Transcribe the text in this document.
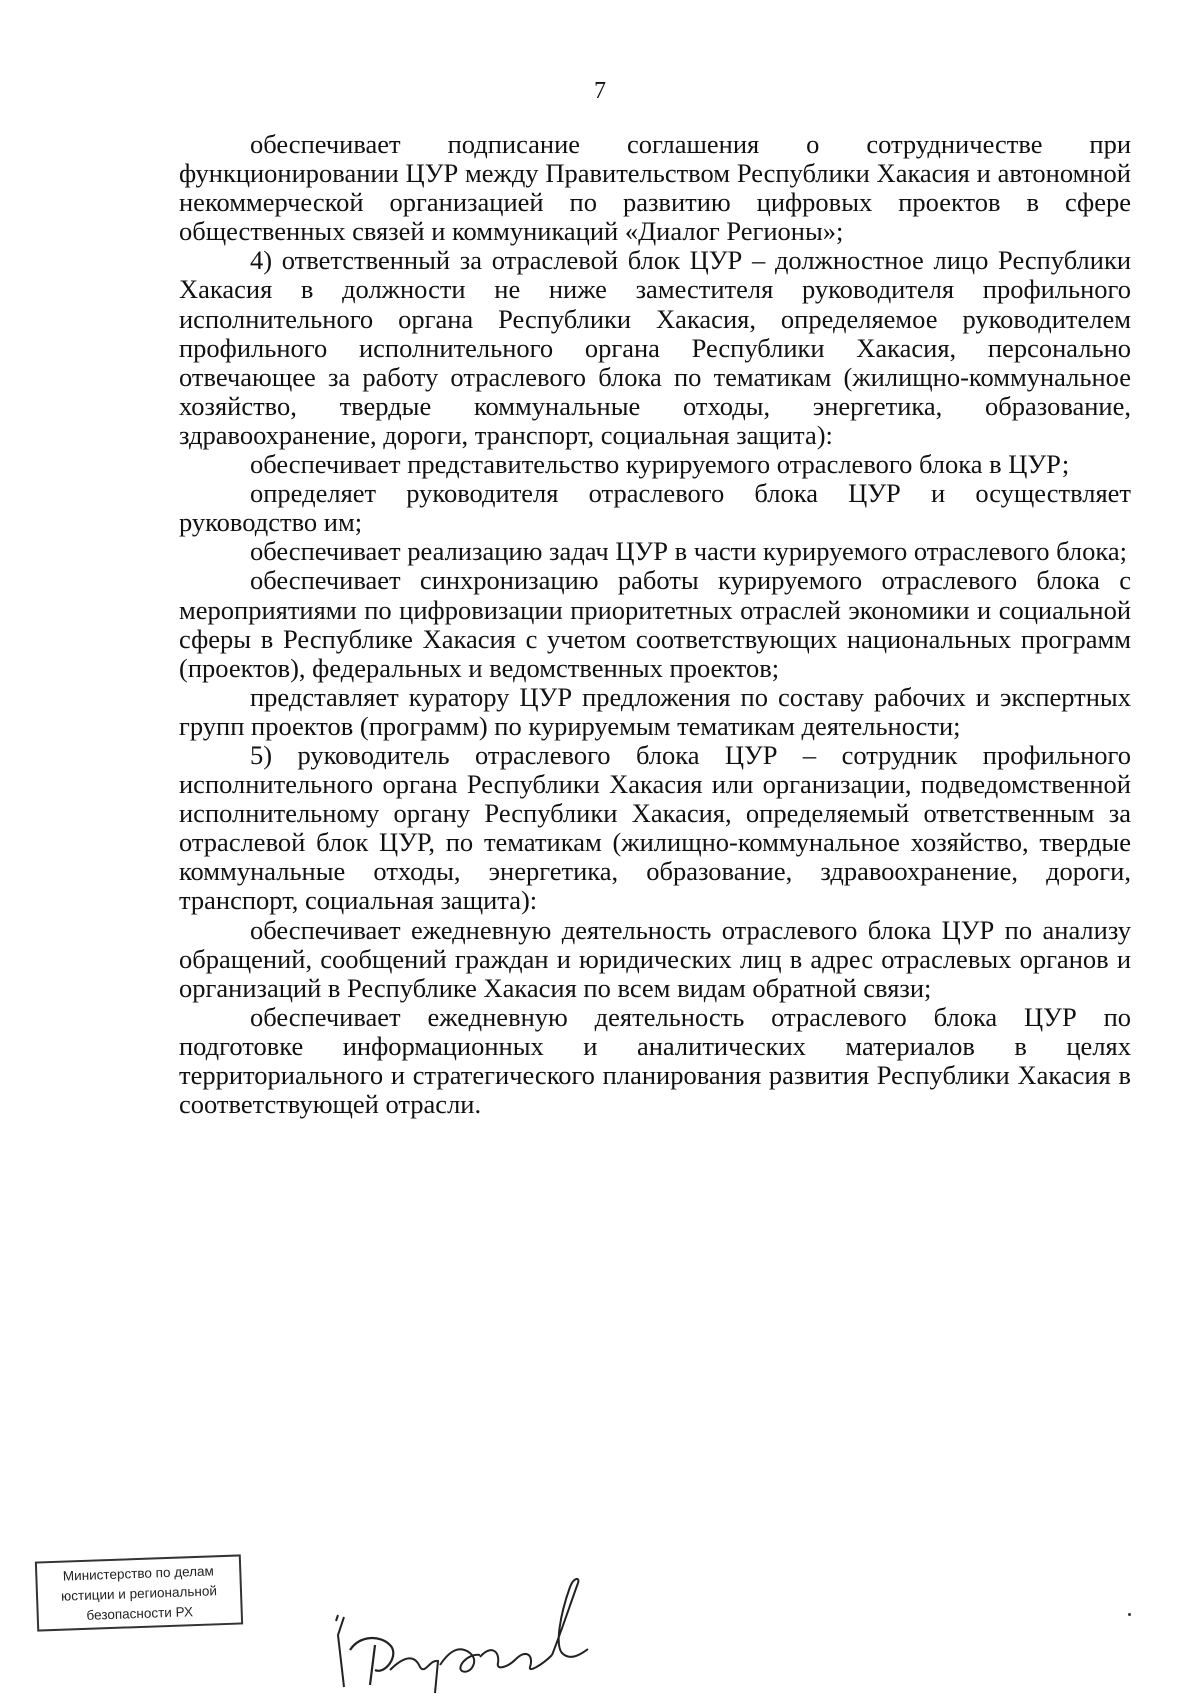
7

обеспечивает подписание соглашения о сотрудничестве при функционировании ЦУР между Правительством Республики Хакасия и автономной некоммерческой организацией по развитию цифровых проектов в сфере общественных связей и коммуникаций «Диалог Регионы»;

4) ответственный за отраслевой блок ЦУР – должностное лицо Республики Хакасия в должности не ниже заместителя руководителя профильного исполнительного органа Республики Хакасия, определяемое руководителем профильного исполнительного органа Республики Хакасия, персонально отвечающее за работу отраслевого блока по тематикам (жилищно-коммунальное хозяйство, твердые коммунальные отходы, энергетика, образование, здравоохранение, дороги, транспорт, социальная защита):

обеспечивает представительство курируемого отраслевого блока в ЦУР;

определяет руководителя отраслевого блока ЦУР и осуществляет руководство им;

обеспечивает реализацию задач ЦУР в части курируемого отраслевого блока;

обеспечивает синхронизацию работы курируемого отраслевого блока с мероприятиями по цифровизации приоритетных отраслей экономики и социальной сферы в Республике Хакасия с учетом соответствующих национальных программ (проектов), федеральных и ведомственных проектов;

представляет куратору ЦУР предложения по составу рабочих и экспертных групп проектов (программ) по курируемым тематикам деятельности;

5) руководитель отраслевого блока ЦУР – сотрудник профильного исполнительного органа Республики Хакасия или организации, подведомственной исполнительному органу Республики Хакасия, определяемый ответственным за отраслевой блок ЦУР, по тематикам (жилищно-коммунальное хозяйство, твердые коммунальные отходы, энергетика, образование, здравоохранение, дороги, транспорт, социальная защита):

обеспечивает ежедневную деятельность отраслевого блока ЦУР по анализу обращений, сообщений граждан и юридических лиц в адрес отраслевых органов и организаций в Республике Хакасия по всем видам обратной связи;

обеспечивает ежедневную деятельность отраслевого блока ЦУР по подготовке информационных и аналитических материалов в целях территориального и стратегического планирования развития Республики Хакасия в соответствующей отрасли.

Министерство по делам
юстиции и региональной
безопасности РХ
